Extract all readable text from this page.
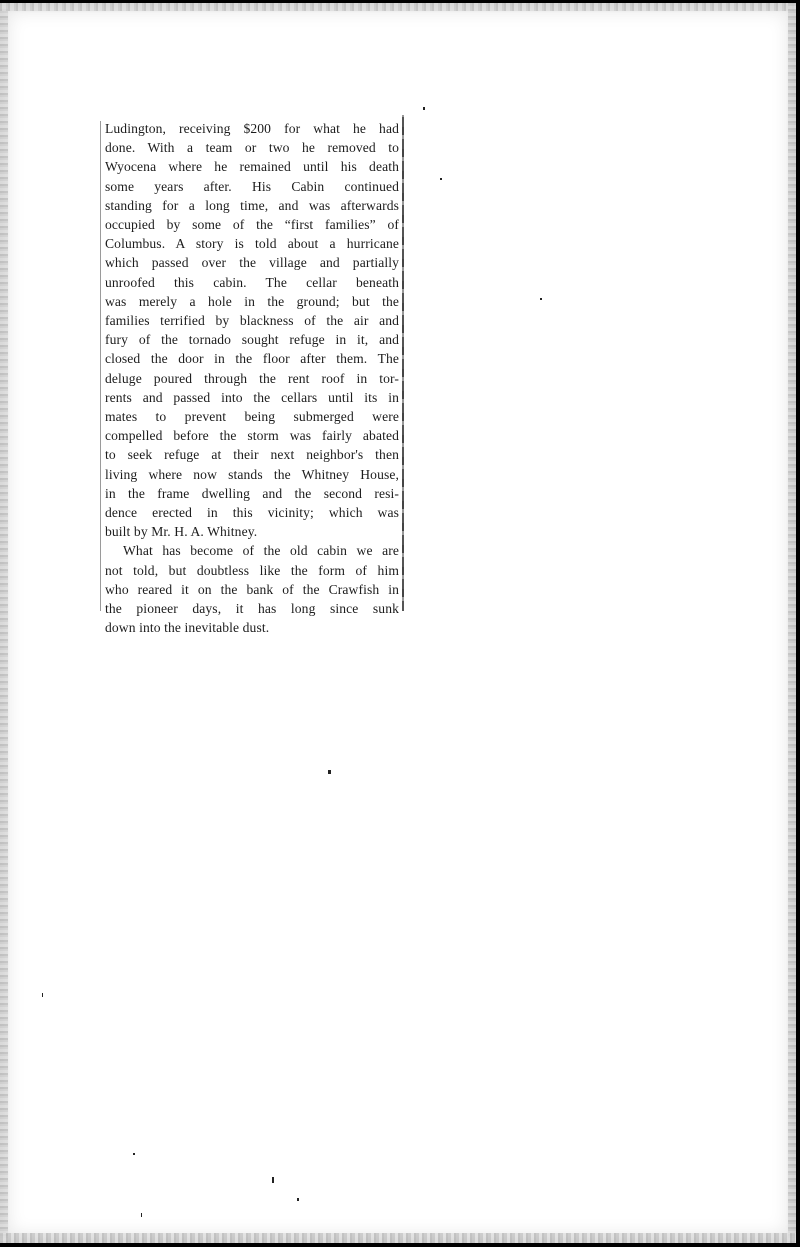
Ludington, receiving $200 for what he had
done. With a team or two he removed to
Wyocena where he remained until his death
some years after. His Cabin continued
standing for a long time, and was afterwards
occupied by some of the “first families” of
Columbus. A story is told about a hurricane
which passed over the village and partially
unroofed this cabin. The cellar beneath
was merely a hole in the ground; but the
families terrified by blackness of the air and
fury of the tornado sought refuge in it, and
closed the door in the floor after them. The
deluge poured through the rent roof in tor-
rents and passed into the cellars until its in
mates to prevent being submerged were
compelled before the storm was fairly abated
to seek refuge at their next neighbor's then
living where now stands the Whitney House,
in the frame dwelling and the second resi-
dence erected in this vicinity; which was
built by Mr. H. A. Whitney.
What has become of the old cabin we are
not told, but doubtless like the form of him
who reared it on the bank of the Crawfish in
the pioneer days, it has long since sunk
down into the inevitable dust.
